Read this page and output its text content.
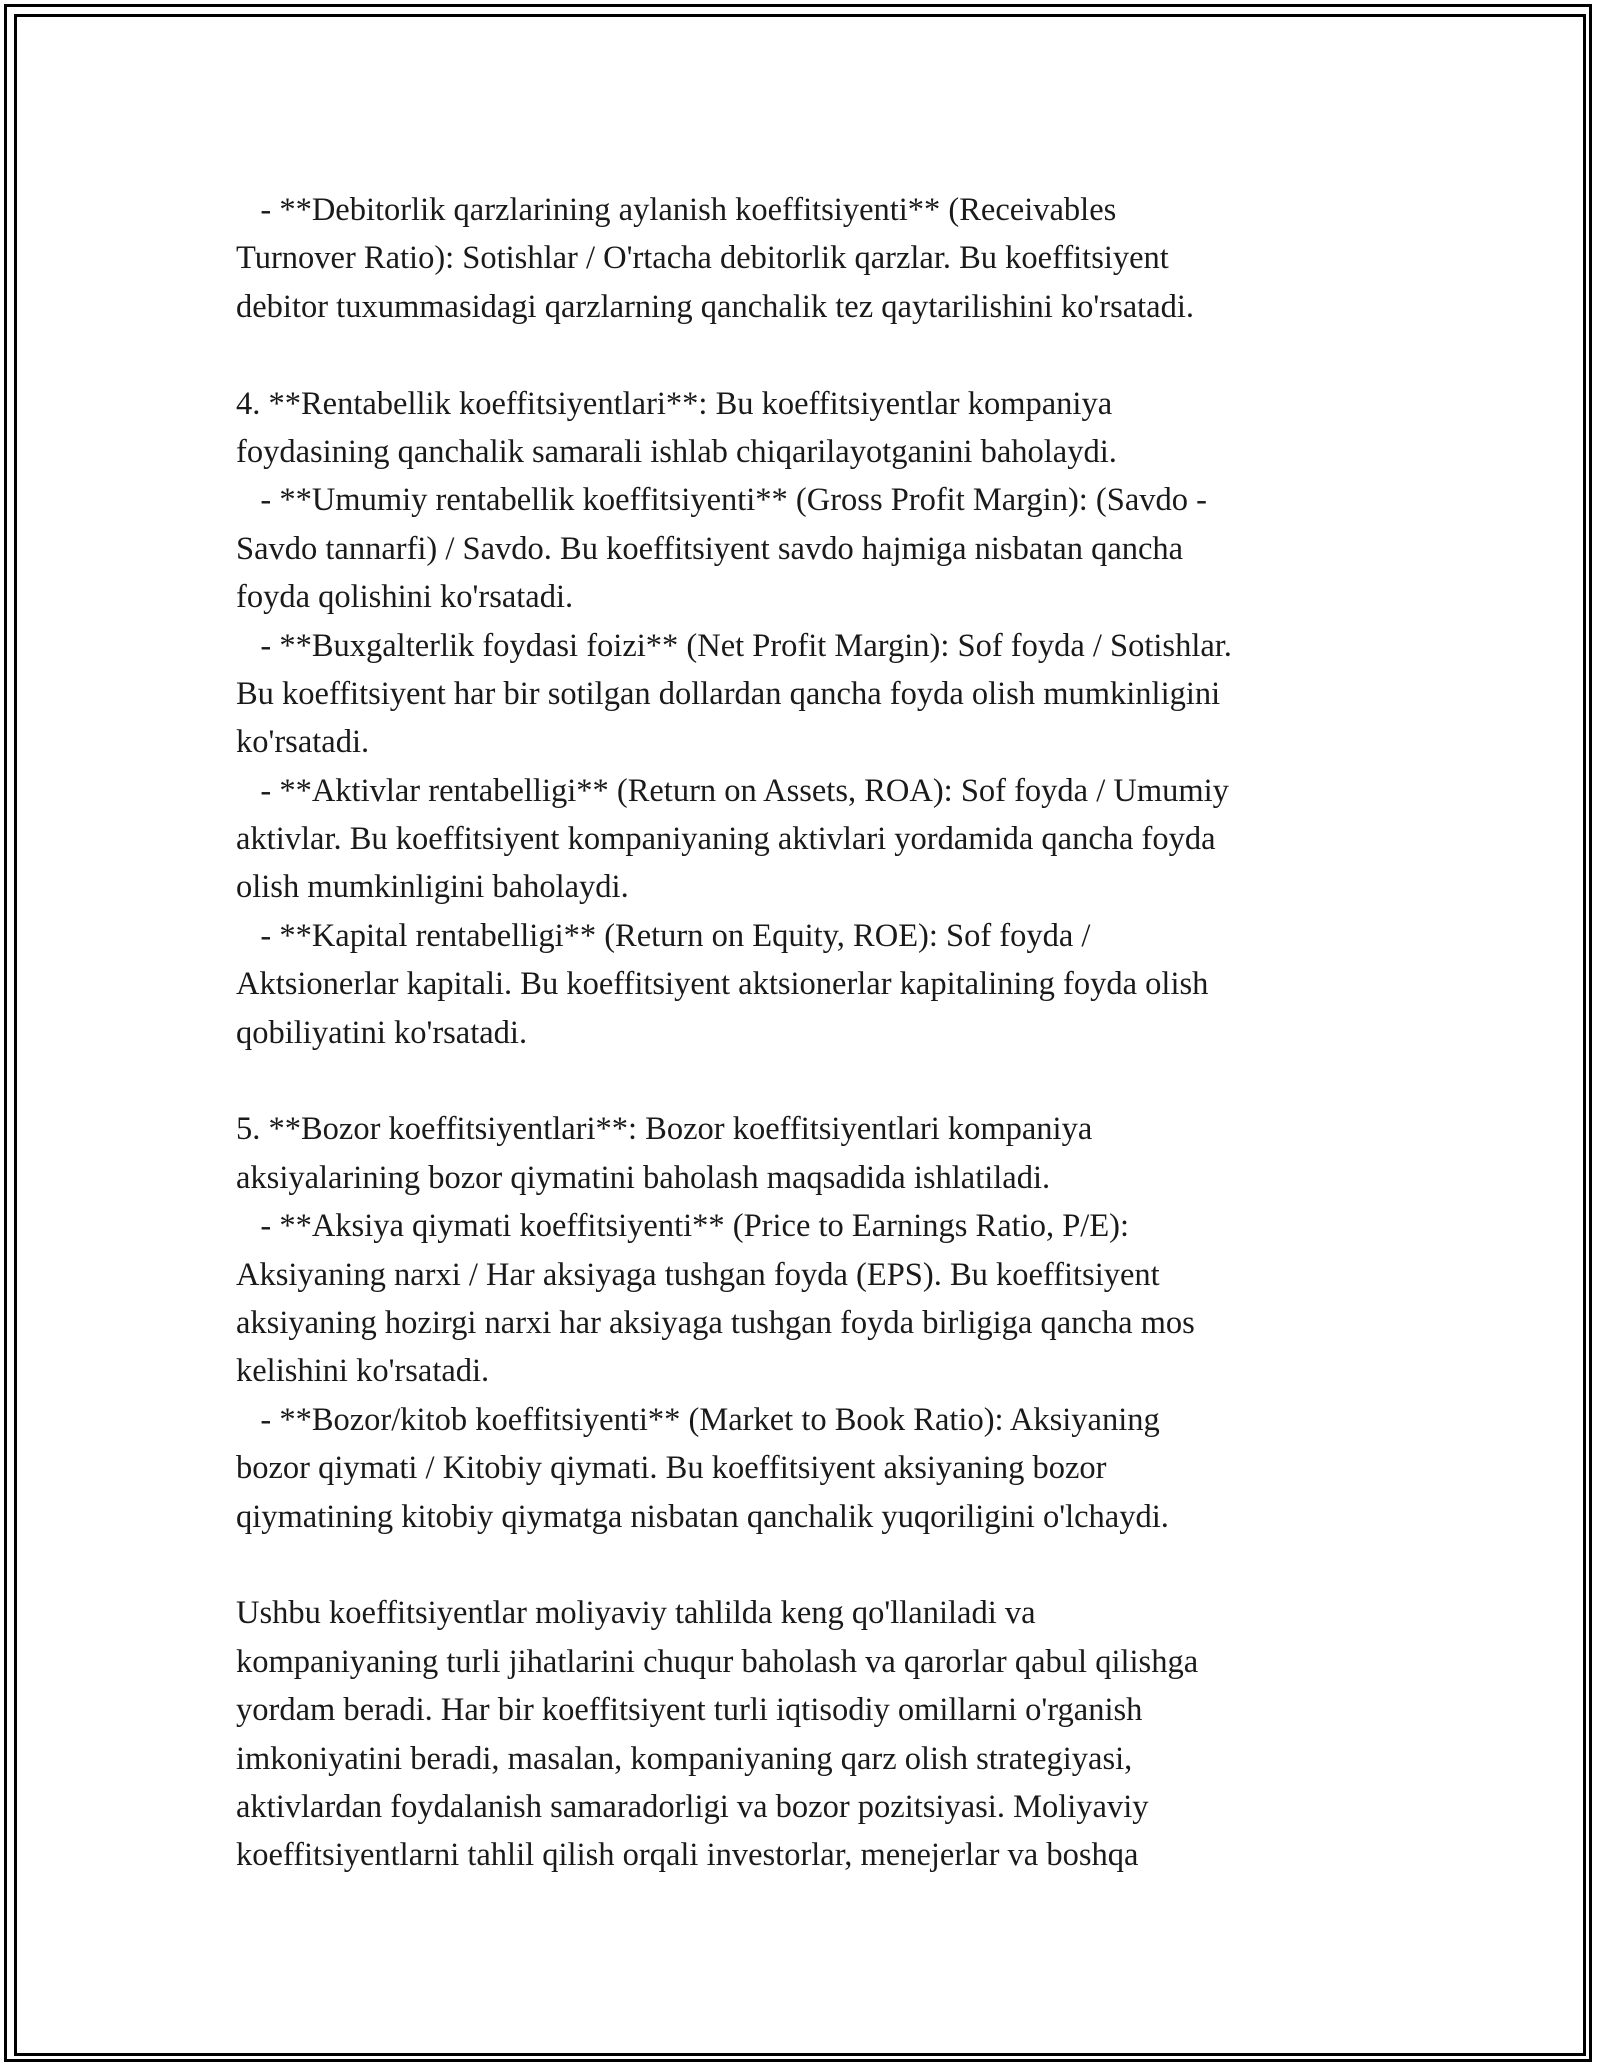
- **Debitorlik qarzlarining aylanish koeffitsiyenti** (Receivables
Turnover Ratio): Sotishlar / O'rtacha debitorlik qarzlar. Bu koeffitsiyent
debitor tuxummasidagi qarzlarning qanchalik tez qaytarilishini ko'rsatadi.
4. **Rentabellik koeffitsiyentlari**: Bu koeffitsiyentlar kompaniya
foydasining qanchalik samarali ishlab chiqarilayotganini baholaydi.
- **Umumiy rentabellik koeffitsiyenti** (Gross Profit Margin): (Savdo -
Savdo tannarfi) / Savdo. Bu koeffitsiyent savdo hajmiga nisbatan qancha
foyda qolishini ko'rsatadi.
- **Buxgalterlik foydasi foizi** (Net Profit Margin): Sof foyda / Sotishlar.
Bu koeffitsiyent har bir sotilgan dollardan qancha foyda olish mumkinligini
ko'rsatadi.
- **Aktivlar rentabelligi** (Return on Assets, ROA): Sof foyda / Umumiy
aktivlar. Bu koeffitsiyent kompaniyaning aktivlari yordamida qancha foyda
olish mumkinligini baholaydi.
- **Kapital rentabelligi** (Return on Equity, ROE): Sof foyda /
Aktsionerlar kapitali. Bu koeffitsiyent aktsionerlar kapitalining foyda olish
qobiliyatini ko'rsatadi.
5. **Bozor koeffitsiyentlari**: Bozor koeffitsiyentlari kompaniya
aksiyalarining bozor qiymatini baholash maqsadida ishlatiladi.
- **Aksiya qiymati koeffitsiyenti** (Price to Earnings Ratio, P/E):
Aksiyaning narxi / Har aksiyaga tushgan foyda (EPS). Bu koeffitsiyent
aksiyaning hozirgi narxi har aksiyaga tushgan foyda birligiga qancha mos
kelishini ko'rsatadi.
- **Bozor/kitob koeffitsiyenti** (Market to Book Ratio): Aksiyaning
bozor qiymati / Kitobiy qiymati. Bu koeffitsiyent aksiyaning bozor
qiymatining kitobiy qiymatga nisbatan qanchalik yuqoriligini o'lchaydi.
Ushbu koeffitsiyentlar moliyaviy tahlilda keng qo'llaniladi va
kompaniyaning turli jihatlarini chuqur baholash va qarorlar qabul qilishga
yordam beradi. Har bir koeffitsiyent turli iqtisodiy omillarni o'rganish
imkoniyatini beradi, masalan, kompaniyaning qarz olish strategiyasi,
aktivlardan foydalanish samaradorligi va bozor pozitsiyasi. Moliyaviy
koeffitsiyentlarni tahlil qilish orqali investorlar, menejerlar va boshqa
